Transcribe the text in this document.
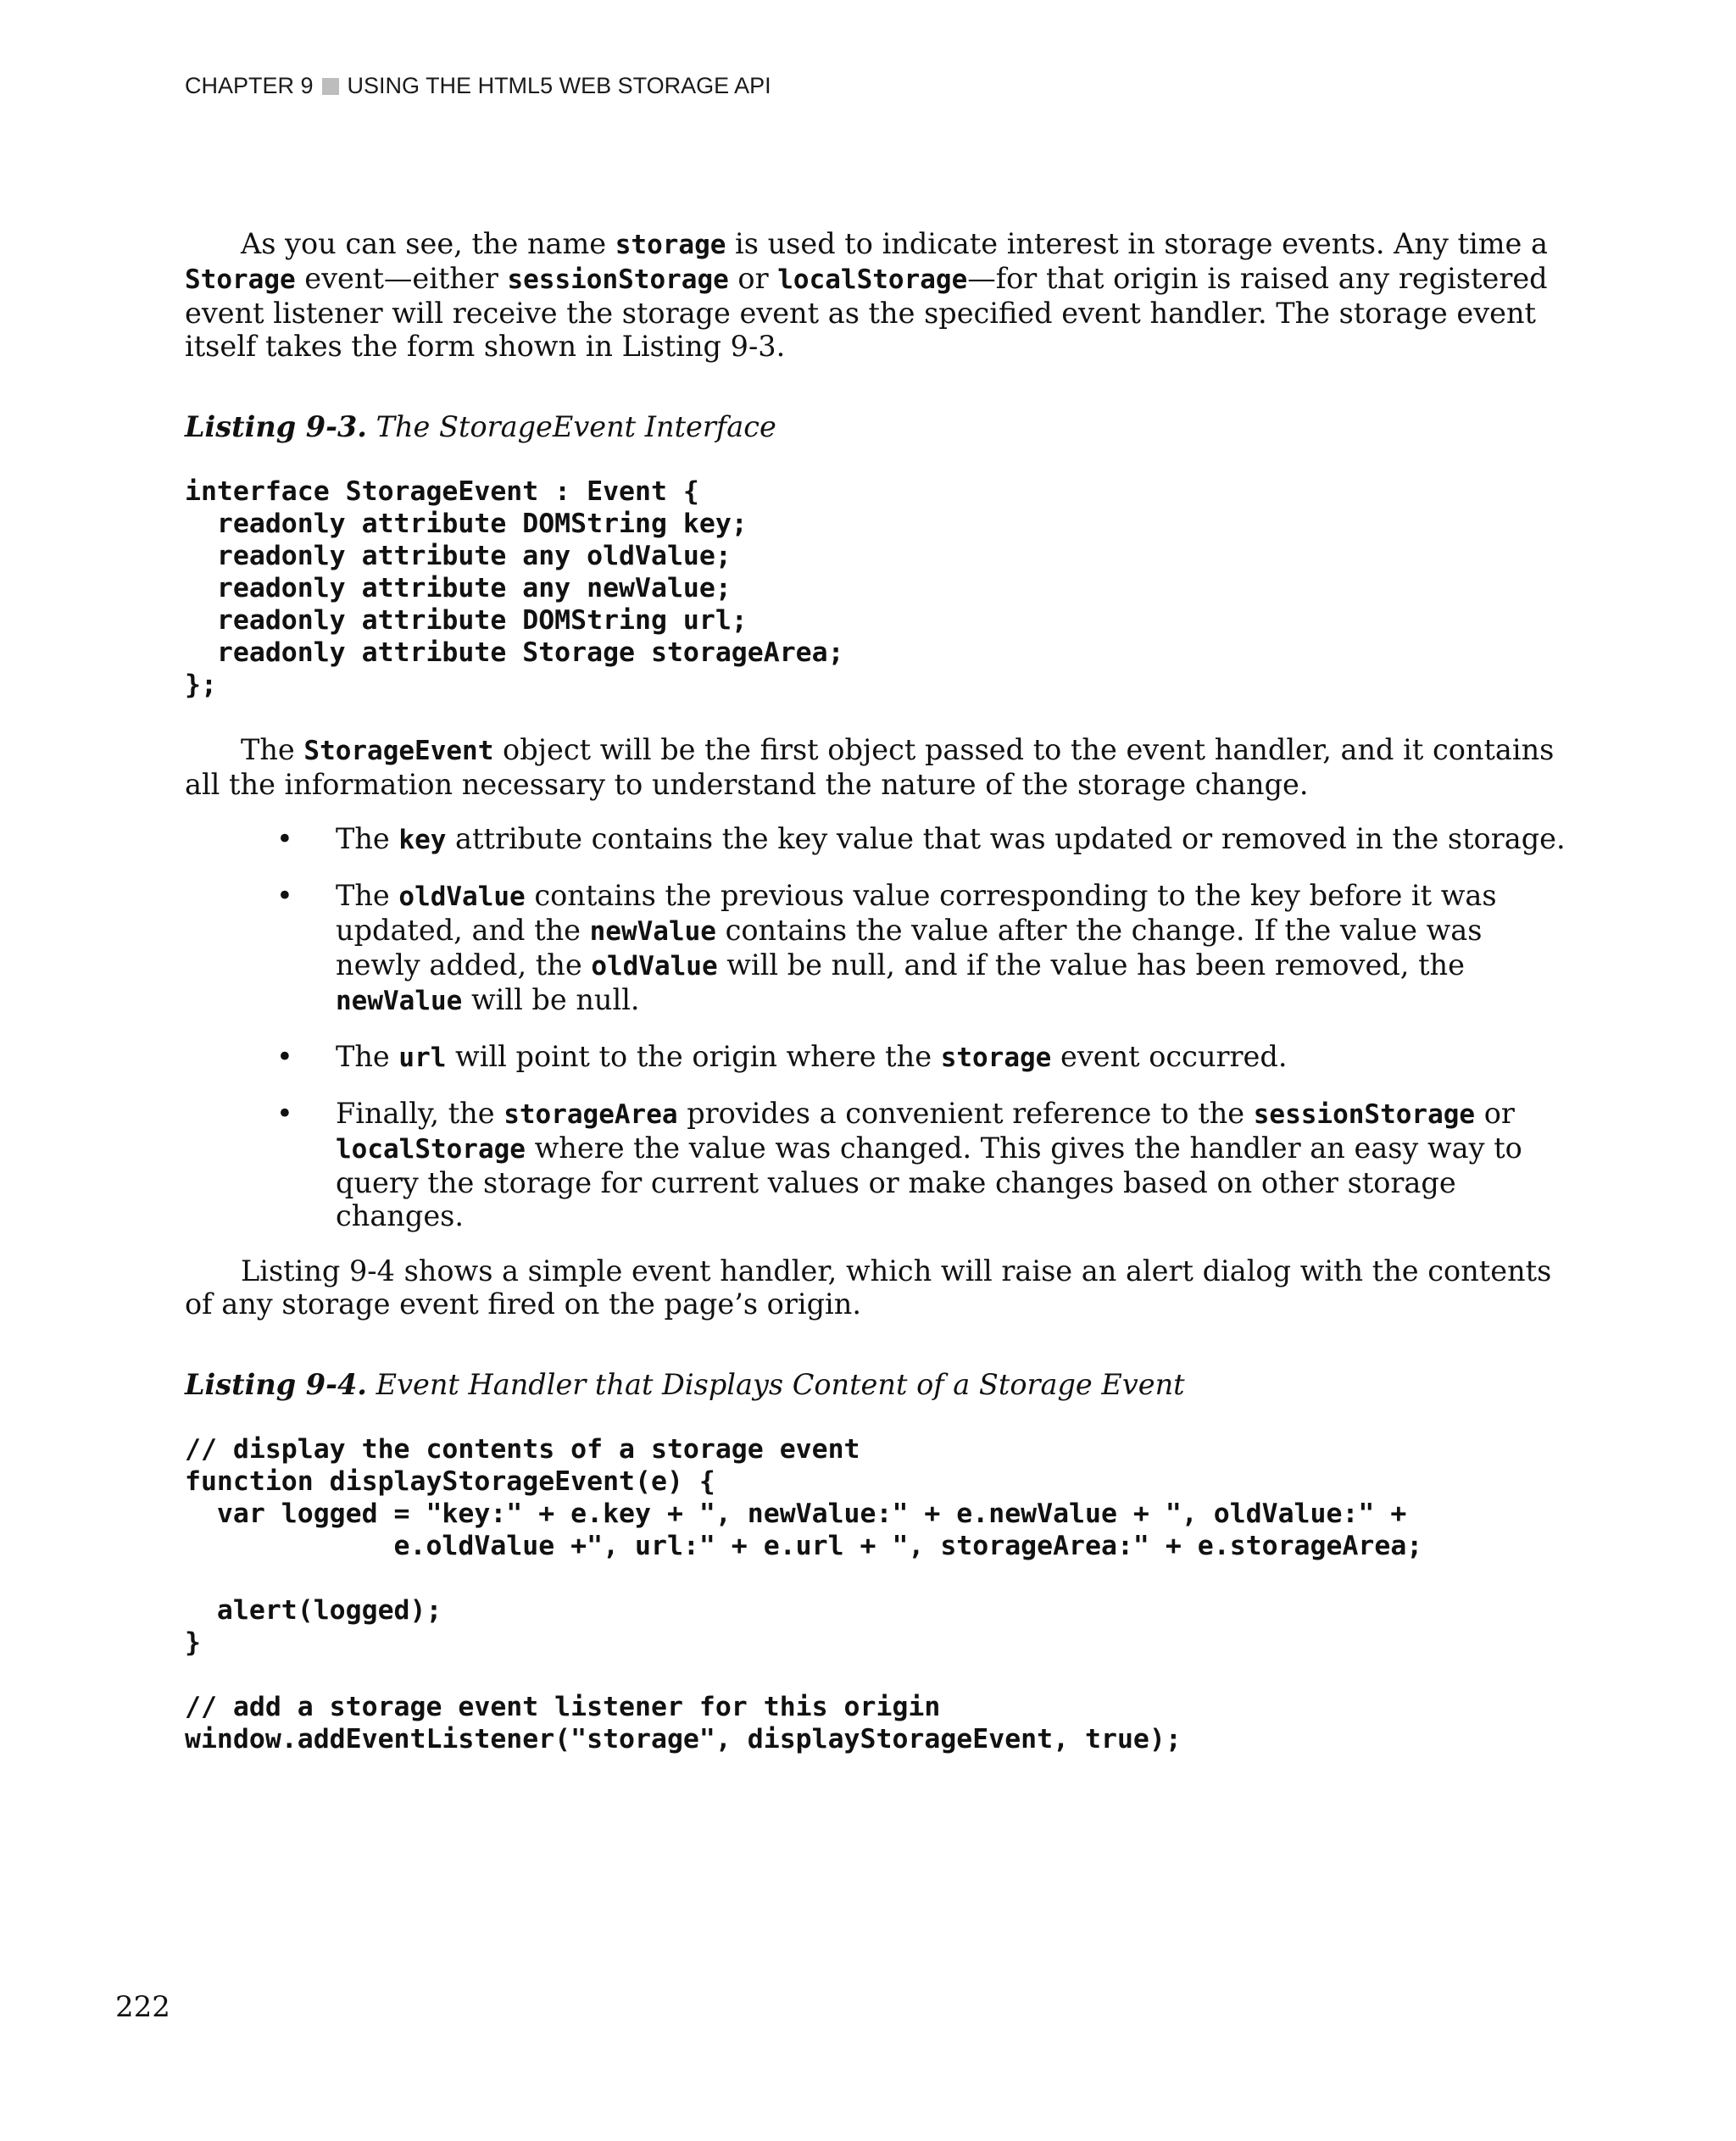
CHAPTER 9 USING THE HTML5 WEB STORAGE API

As you can see, the name storage is used to indicate interest in storage events. Any time a Storage event—either sessionStorage or localStorage—for that origin is raised any registered event listener will receive the storage event as the specified event handler. The storage event itself takes the form shown in Listing 9-3.

Listing 9-3. The StorageEvent Interface

interface StorageEvent : Event {
readonly attribute DOMString key;
readonly attribute any oldValue;
readonly attribute any newValue;
readonly attribute DOMString url;
readonly attribute Storage storageArea;
};

The StorageEvent object will be the first object passed to the event handler, and it contains all the information necessary to understand the nature of the storage change.

• The key attribute contains the key value that was updated or removed in the storage.
• The oldValue contains the previous value corresponding to the key before it was updated, and the newValue contains the value after the change. If the value was newly added, the oldValue will be null, and if the value has been removed, the newValue will be null.
• The url will point to the origin where the storage event occurred.
• Finally, the storageArea provides a convenient reference to the sessionStorage or localStorage where the value was changed. This gives the handler an easy way to query the storage for current values or make changes based on other storage changes.

Listing 9-4 shows a simple event handler, which will raise an alert dialog with the contents of any storage event fired on the page’s origin.

Listing 9-4. Event Handler that Displays Content of a Storage Event

// display the contents of a storage event
function displayStorageEvent(e) {
var logged = "key:" + e.key + ", newValue:" + e.newValue + ", oldValue:" +
e.oldValue +", url:" + e.url + ", storageArea:" + e.storageArea;

alert(logged);
}

// add a storage event listener for this origin
window.addEventListener("storage", displayStorageEvent, true);
222
